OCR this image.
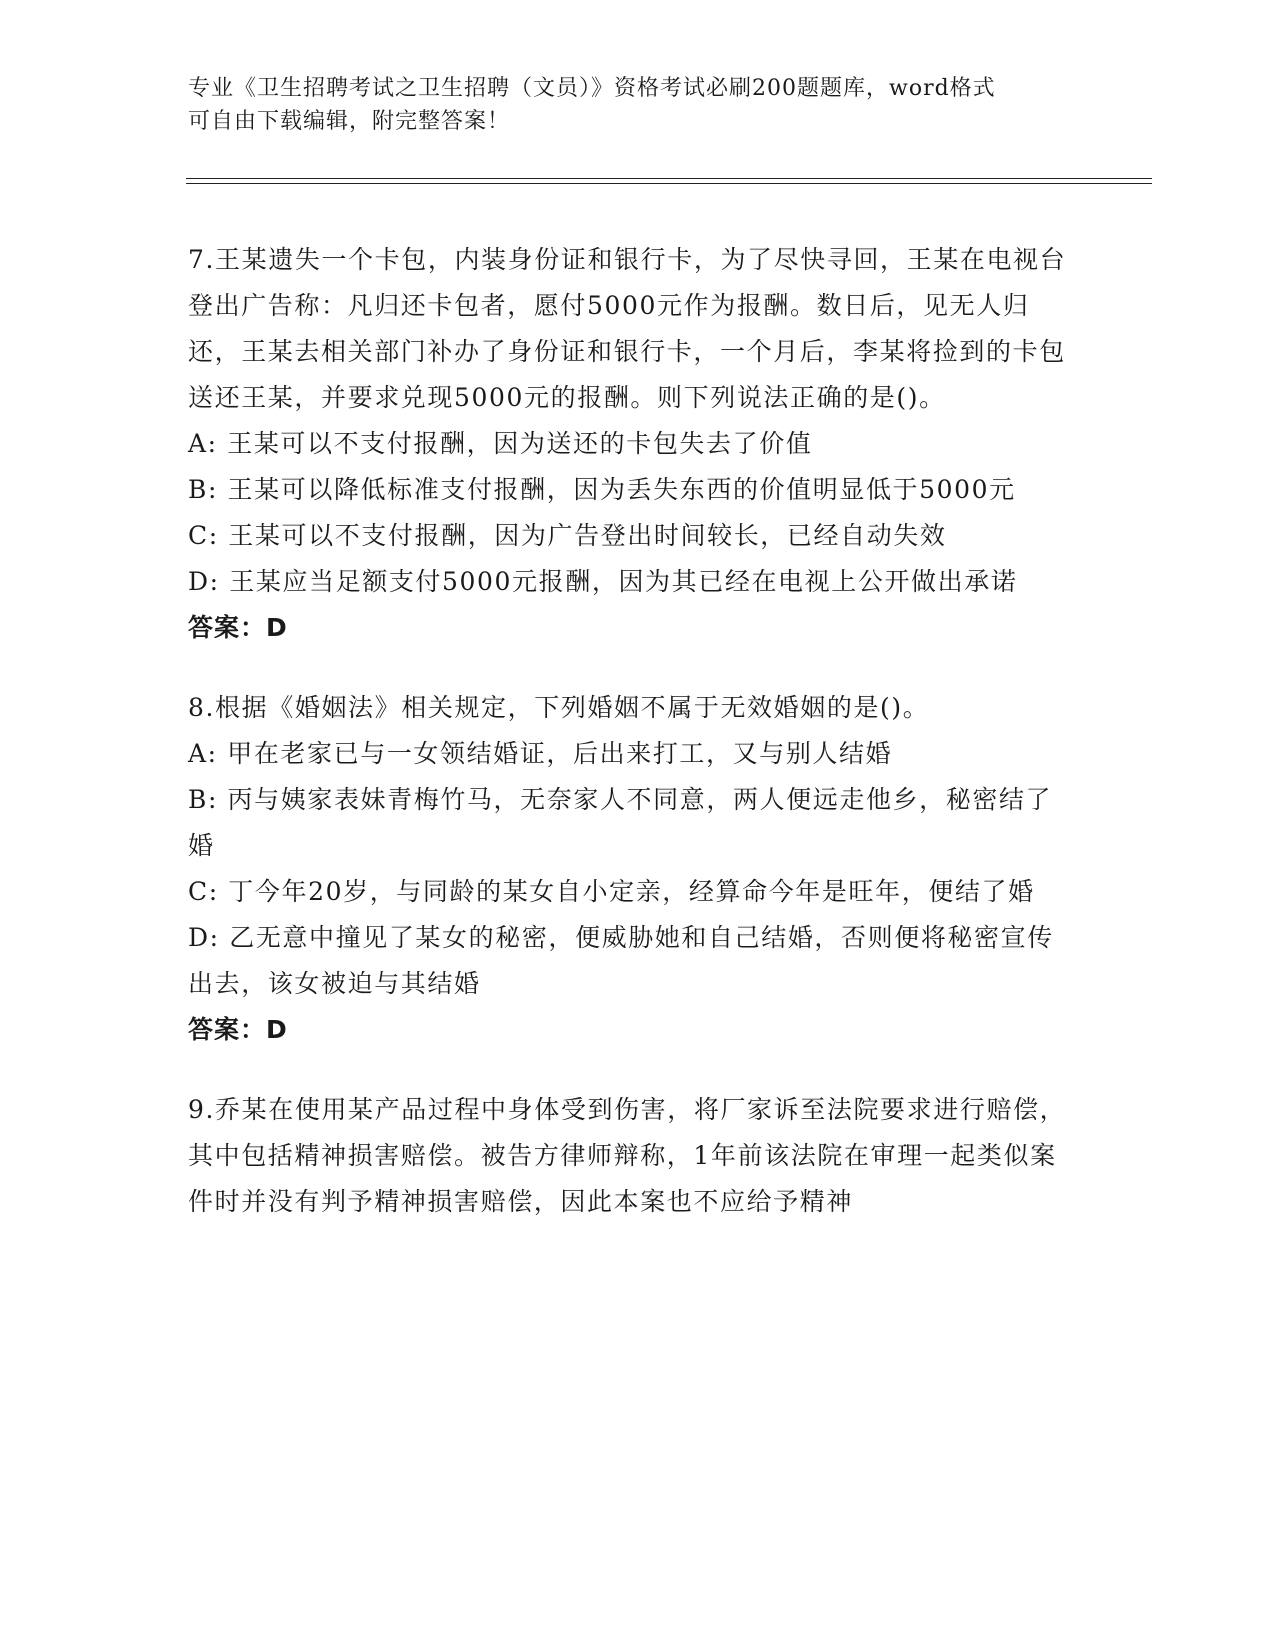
专业《卫生招聘考试之卫生招聘（文员）》资格考试必刷200题题库，word格式
可自由下载编辑，附完整答案！

7.王某遗失一个卡包，内装身份证和银行卡，为了尽快寻回，王某在电视台登出广告称：凡归还卡包者，愿付5000元作为报酬。数日后，见无人归还，王某去相关部门补办了身份证和银行卡，一个月后，李某将捡到的卡包送还王某，并要求兑现5000元的报酬。则下列说法正确的是()。

A: 王某可以不支付报酬，因为送还的卡包失去了价值

B: 王某可以降低标准支付报酬，因为丢失东西的价值明显低于5000元

C: 王某可以不支付报酬，因为广告登出时间较长，已经自动失效

D: 王某应当足额支付5000元报酬，因为其已经在电视上公开做出承诺

答案：D

8.根据《婚姻法》相关规定，下列婚姻不属于无效婚姻的是()。

A: 甲在老家已与一女领结婚证，后出来打工，又与别人结婚

B: 丙与姨家表妹青梅竹马，无奈家人不同意，两人便远走他乡，秘密结了婚

C: 丁今年20岁，与同龄的某女自小定亲，经算命今年是旺年，便结了婚

D: 乙无意中撞见了某女的秘密，便威胁她和自己结婚，否则便将秘密宣传出去，该女被迫与其结婚

答案：D

9.乔某在使用某产品过程中身体受到伤害，将厂家诉至法院要求进行赔偿，其中包括精神损害赔偿。被告方律师辩称，1年前该法院在审理一起类似案件时并没有判予精神损害赔偿，因此本案也不应给予精神
